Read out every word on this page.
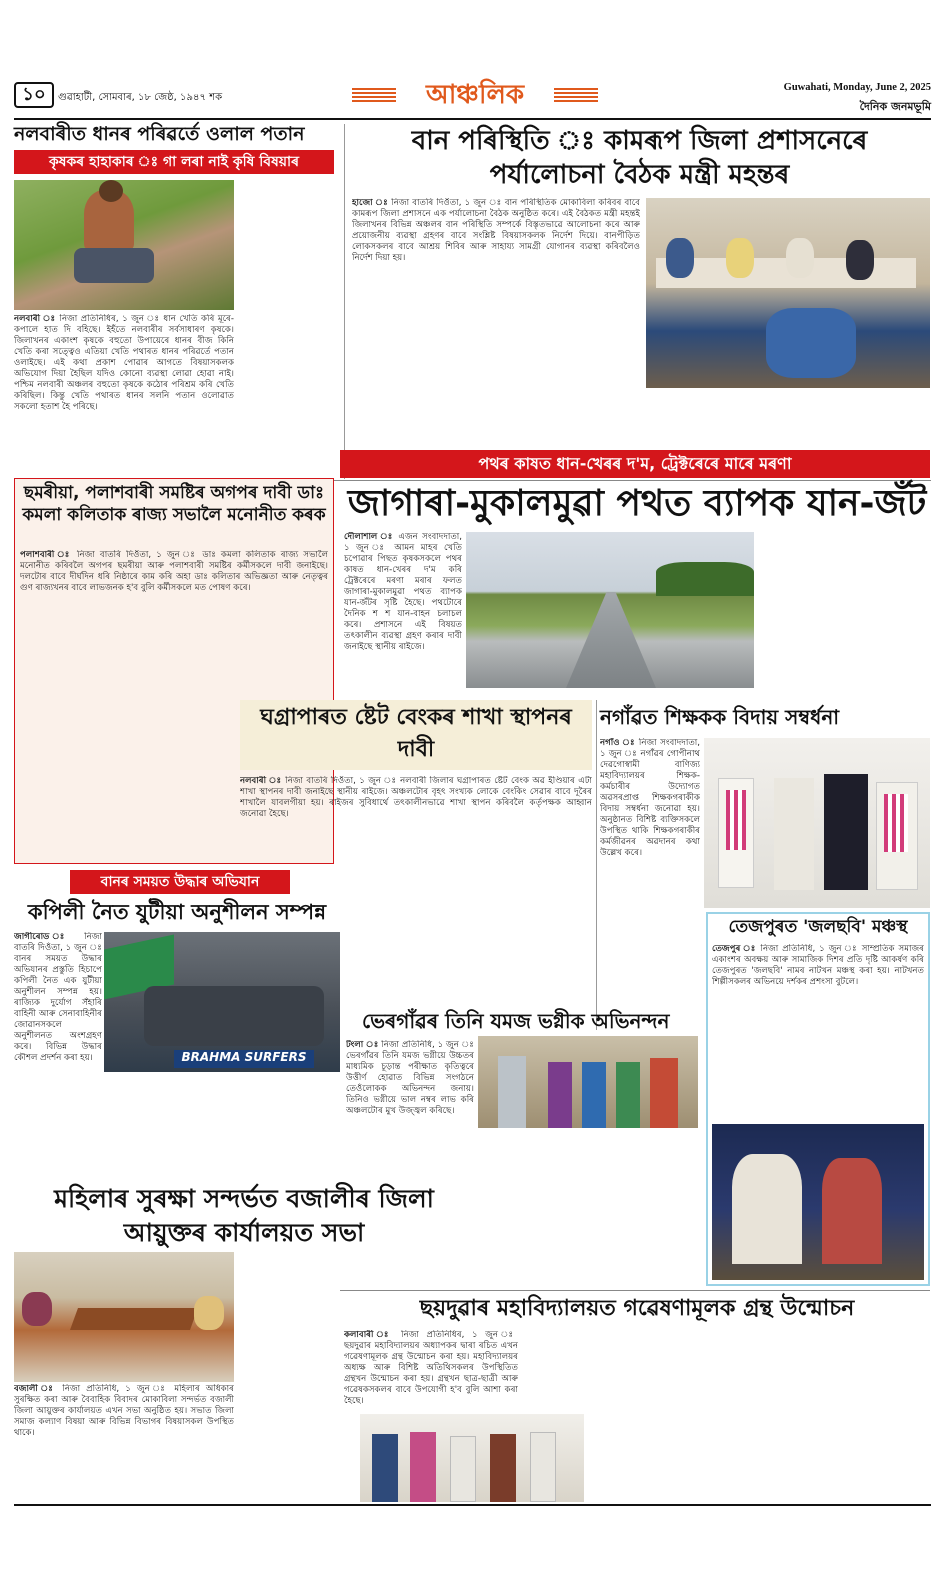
১০	গুৱাহাটী, সোমবাৰ, ১৮ জেষ্ঠ, ১৯৪৭ শক	আঞ্চলিক	Guwahati, Monday, June 2, 2025
দৈনিক জনমভূমি
নলবাৰীত ধানৰ পৰিৱৰ্তে ওলাল পতান
কৃষকৰ হাহাকাৰ ঃ গা লৰা নাই কৃষি বিষয়াৰ
নলবাৰী ঃ নিজা প্ৰতিনিধিৰ, ১ জুন ঃ ধান খেতি কৰি মূৰে-কপালে হাত দি বহিছে। ইহঁতে নলবাৰীৰ সৰ্বসাধাৰণ কৃষকে। জিলাখনৰ একাংশ কৃষকে বহুতো উপায়েৰে ধানৰ বীজ কিনি খেতি কৰা সত্ত্বেও এতিয়া খেতি পথাৰত ধানৰ পৰিৱৰ্তে পতান ওলাইছে। এই কথা প্ৰকাশ পোৱাৰ আগতে বিষয়াসকলক অভিযোগ দিয়া হৈছিল যদিও কোনো ব্যৱস্থা লোৱা হোৱা নাই। পশ্চিম নলবাৰী অঞ্চলৰ বহুতো কৃষকে কঠোৰ পৰিশ্ৰম কৰি খেতি কৰিছিল। কিন্তু খেতি পথাৰত ধানৰ সলনি পতান ওলোৱাত সকলো হতাশ হৈ পৰিছে।
বান পৰিস্থিতি ঃ কামৰূপ জিলা প্ৰশাসনেৰে পৰ্যালোচনা বৈঠক মন্ত্ৰী মহন্তৰ
হাজো ঃ নিজা বাতৰি দিওঁতা, ১ জুন ঃ বান পৰিস্থিতিক মোকাবিলা কৰিবৰ বাবে কামৰূপ জিলা প্ৰশাসনে এক পৰ্যালোচনা বৈঠক অনুষ্ঠিত কৰে। এই বৈঠকত মন্ত্ৰী মহন্তই জিলাখনৰ বিভিন্ন অঞ্চলৰ বান পৰিস্থিতি সম্পৰ্কে বিস্তৃতভাৱে আলোচনা কৰে আৰু প্ৰয়োজনীয় ব্যৱস্থা গ্ৰহণৰ বাবে সংশ্লিষ্ট বিষয়াসকলক নিৰ্দেশ দিয়ে। বানপীড়িত লোকসকলৰ বাবে আশ্ৰয় শিবিৰ আৰু সাহায্য সামগ্ৰী যোগানৰ ব্যৱস্থা কৰিবলৈও নিৰ্দেশ দিয়া হয়।
ছমৰীয়া, পলাশবাৰী সমষ্টিৰ অগপৰ দাবী ডাঃ কমলা কলিতাক ৰাজ্য সভালৈ মনোনীত কৰক
পলাশবাৰী ঃ নিজা বাতৰি দিওঁতা, ১ জুন ঃ ডাঃ কমলা কলিতাক ৰাজ্য সভালৈ মনোনীত কৰিবলৈ অগপৰ ছমৰীয়া আৰু পলাশবাৰী সমষ্টিৰ কৰ্মীসকলে দাবী জনাইছে। দলটোৰ বাবে দীৰ্ঘদিন ধৰি নিষ্ঠাৰে কাম কৰি অহা ডাঃ কলিতাৰ অভিজ্ঞতা আৰু নেতৃত্বৰ গুণ ৰাজ্যখনৰ বাবে লাভজনক হ'ব বুলি কৰ্মীসকলে মত পোষণ কৰে।
পথৰ কাষত ধান-খেৰৰ দ'ম, ট্ৰেক্টৰেৰে মাৰে মৰণা
জাগাৰা-মুকালমুৱা পথত ব্যাপক যান-জঁট
দৌলাশাল ঃ এজন সংবাদদাতা, ১ জুন ঃ আমন মাহৰ খেতি চপোৱাৰ পিছত কৃষকসকলে পথৰ কাষত ধান-খেৰৰ দ'ম কৰি ট্ৰেক্টৰেৰে মৰণা মৰাৰ ফলত জাগাৰা-মুকালমুৱা পথত ব্যাপক যান-জঁটৰ সৃষ্টি হৈছে। পথটোৰে দৈনিক শ শ যান-বাহন চলাচল কৰে। প্ৰশাসনে এই বিষয়ত তৎকালীন ব্যৱস্থা গ্ৰহণ কৰাৰ দাবী জনাইছে স্থানীয় ৰাইজে।
ঘগ্ৰাপাৰত ষ্টেট বেংকৰ শাখা স্থাপনৰ দাবী
নলবাৰী ঃ নিজা বাতৰি দিওঁতা, ১ জুন ঃ নলবাৰী জিলাৰ ঘগ্ৰাপাৰত ষ্টেট বেংক অৱ ইণ্ডিয়াৰ এটা শাখা স্থাপনৰ দাবী জনাইছে স্থানীয় ৰাইজে। অঞ্চলটোৰ বৃহৎ সংখ্যক লোকে বেংকিং সেৱাৰ বাবে দূৰৈৰ শাখালৈ যাবলগীয়া হয়। ৰাইজৰ সুবিধাৰ্থে তৎকালীনভাৱে শাখা স্থাপন কৰিবলৈ কৰ্তৃপক্ষক আহ্বান জনোৱা হৈছে।
নগাঁৱত শিক্ষকক বিদায় সম্বৰ্ধনা
নগাঁও ঃ নিজা সংবাদদাতা, ১ জুন ঃ নগাঁৱৰ গোপীনাথ দেৱগোস্বামী বাণিজ্য মহাবিদ্যালয়ৰ শিক্ষক-কৰ্মচাৰীৰ উদ্যোগত অৱসৰপ্ৰাপ্ত শিক্ষকগৰাকীক বিদায় সম্বৰ্ধনা জনোৱা হয়। অনুষ্ঠানত বিশিষ্ট ব্যক্তিসকলে উপস্থিত থাকি শিক্ষকগৰাকীৰ কৰ্মজীৱনৰ অৱদানৰ কথা উল্লেখ কৰে।
বানৰ সময়ত উদ্ধাৰ অভিযান
কপিলী নৈত যুটীয়া অনুশীলন সম্পন্ন
জাগীৰোড ঃ নিজা বাতৰি দিওঁতা, ১ জুন ঃ বানৰ সময়ত উদ্ধাৰ অভিযানৰ প্ৰস্তুতি হিচাপে কপিলী নৈত এক যুটীয়া অনুশীলন সম্পন্ন হয়। ৰাজ্যিক দুৰ্যোগ সঁহাৰি বাহিনী আৰু সেনাবাহিনীৰ জোৱানসকলে অনুশীলনত অংশগ্ৰহণ কৰে। বিভিন্ন উদ্ধাৰ কৌশল প্ৰদৰ্শন কৰা হয়।	BRAHMA SURFERS
ভেৰগাঁৱৰ তিনি যমজ ভগ্নীক অভিনন্দন
টংলা ঃ নিজা প্ৰতিনিধি, ১ জুন ঃ ভেৰগাঁৱৰ তিনি যমজ ভগ্নীয়ে উচ্চতৰ মাধ্যমিক চূড়ান্ত পৰীক্ষাত কৃতিত্বৰে উত্তীৰ্ণ হোৱাত বিভিন্ন সংগঠনে তেওঁলোকক অভিনন্দন জনায়। তিনিও ভগ্নীয়ে ভাল নম্বৰ লাভ কৰি অঞ্চলটোৰ মুখ উজ্জ্বল কৰিছে।
তেজপুৰত 'জলছবি' মঞ্চস্থ
তেজপুৰ ঃ নিজা প্ৰতিনিধি, ১ জুন ঃ সাম্প্ৰতিক সমাজৰ একাংশৰ অবক্ষয় আৰু সামাজিক দিশৰ প্ৰতি দৃষ্টি আকৰ্ষণ কৰি তেজপুৰত 'জলছবি' নামৰ নাটখন মঞ্চস্থ কৰা হয়। নাটখনত শিল্পীসকলৰ অভিনয়ে দৰ্শকৰ প্ৰশংসা বুটলে।
মহিলাৰ সুৰক্ষা সন্দৰ্ভত বজালীৰ জিলা আয়ুক্তৰ কাৰ্যালয়ত সভা
বজালী ঃ নিজা প্ৰতিনিধি, ১ জুন ঃ মহিলাৰ অধিকাৰ সুৰক্ষিত কৰা আৰু বৈবাহিক বিবাদৰ মোকাবিলা সন্দৰ্ভত বজালী জিলা আয়ুক্তৰ কাৰ্যালয়ত এখন সভা অনুষ্ঠিত হয়। সভাত জিলা সমাজ কল্যাণ বিষয়া আৰু বিভিন্ন বিভাগৰ বিষয়াসকল উপস্থিত থাকে।
ছয়দুৱাৰ মহাবিদ্যালয়ত গৱেষণামূলক গ্ৰন্থ উন্মোচন
কলাবাৰী ঃ নিজা প্ৰতিনিধিৰ, ১ জুন ঃ ছয়দুৱাৰ মহাবিদ্যালয়ৰ অধ্যাপকৰ দ্বাৰা ৰচিত এখন গৱেষণামূলক গ্ৰন্থ উন্মোচন কৰা হয়। মহাবিদ্যালয়ৰ অধ্যক্ষ আৰু বিশিষ্ট অতিথিসকলৰ উপস্থিতিত গ্ৰন্থখন উন্মোচন কৰা হয়। গ্ৰন্থখন ছাত্ৰ-ছাত্ৰী আৰু গৱেষকসকলৰ বাবে উপযোগী হ'ব বুলি আশা কৰা হৈছে।
